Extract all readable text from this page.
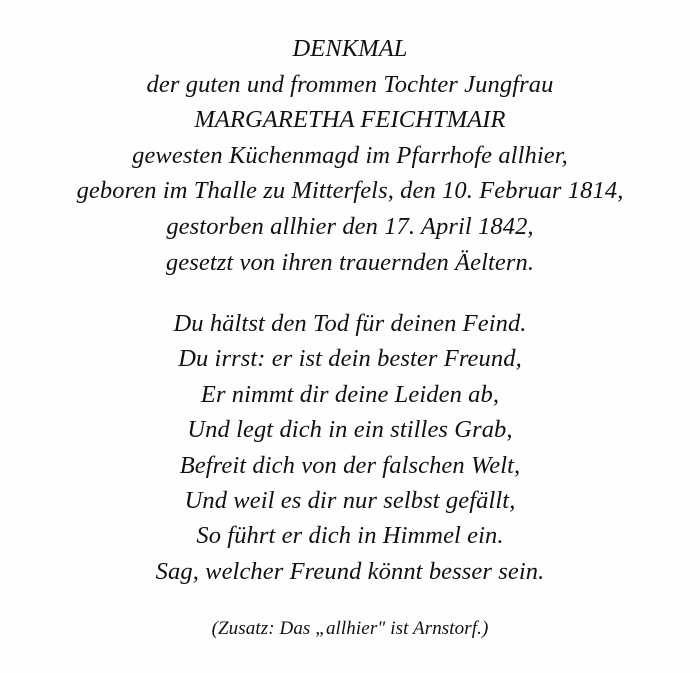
DENKMAL
der guten und frommen Tochter Jungfrau
MARGARETHA FEICHTMAIR
gewesten Küchenmagd im Pfarrhofe allhier,
geboren im Thalle zu Mitterfels, den 10. Februar 1814,
gestorben allhier den 17. April 1842,
gesetzt von ihren trauernden Äeltern.
Du hältst den Tod für deinen Feind.
Du irrst: er ist dein bester Freund,
Er nimmt dir deine Leiden ab,
Und legt dich in ein stilles Grab,
Befreit dich von der falschen Welt,
Und weil es dir nur selbst gefällt,
So führt er dich in Himmel ein.
Sag, welcher Freund könnt besser sein.
(Zusatz: Das „allhier" ist Arnstorf.)
